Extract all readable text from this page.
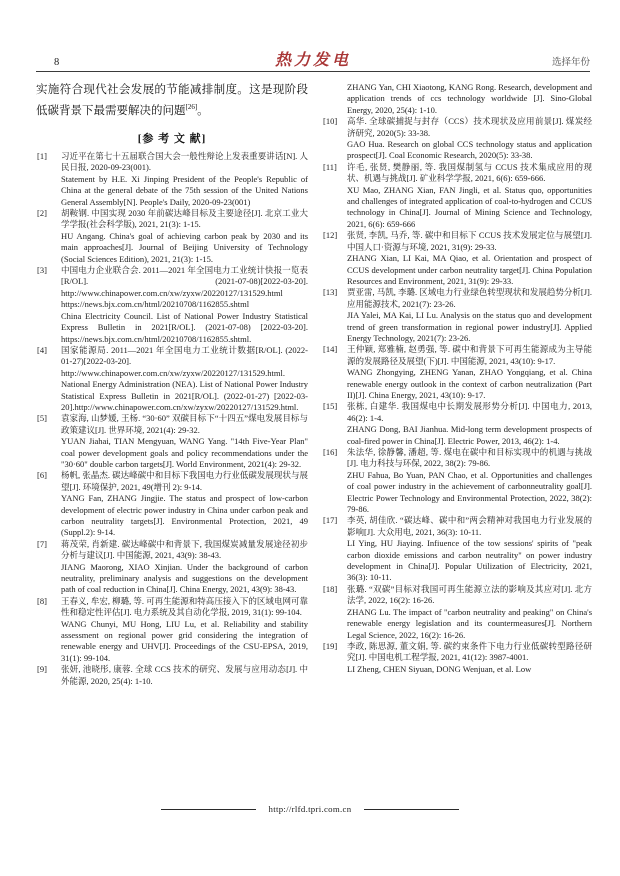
8	热力发电	选择年份
实施符合现代社会发展的节能减排制度。这是现阶段低碳背景下最需要解决的问题[26]。
[参 考 文 献]
[1]	习近平在第七十五届联合国大会一般性辩论上发表重要讲话[N]. 人民日报, 2020-09-23(001).
Statement by H.E. Xi Jinping President of the People's Republic of China at the general debate of the 75th session of the United Nations General Assembly[N]. People's Daily, 2020-09-23(001)
[2]	胡鞍钢. 中国实现 2030 年前碳达峰目标及主要途径[J]. 北京工业大学学报(社会科学版), 2021, 21(3): 1-15.
HU Angang. China's goal of achieving carbon peak by 2030 and its main approaches[J]. Journal of Beijing University of Technology (Social Sciences Edition), 2021, 21(3): 1-15.
[3]	中国电力企业联合会. 2011—2021 年全国电力工业统计快报一览表 [R/OL]. (2021-07-08)[2022-03-20]. http://www.chinapower.com.cn/xw/zyxw/20220127/131529.html
https://news.bjx.com.cn/html/20210708/1162855.shtml
China Electricity Council. List of National Power Industry Statistical Express Bulletin in 2021[R/OL]. (2021-07-08) [2022-03-20]. https://news.bjx.com.cn/html/20210708/1162855.shtml.
[4]	国家能源局. 2011—2021 年全国电力工业统计数据[R/OL]. (2022-01-27)[2022-03-20]. http://www.chinapower.com.cn/xw/zyxw/20220127/131529.html.
National Energy Administration (NEA). List of National Power Industry Statistical Express Bulletin in 2021[R/OL]. (2022-01-27) [2022-03-20].http://www.chinapower.com.cn/xw/zyxw/20220127/131529.html.
[5]	袁家海, 山梦媛, 王杨. “30·60” 双碳目标下“十四五”煤电发展目标与政策建议[J]. 世界环境, 2021(4): 29-32.
YUAN Jiahai, TIAN Mengyuan, WANG Yang. "14th Five-Year Plan" coal power development goals and policy recommendations under the "30·60" double carbon targets[J]. World Environment, 2021(4): 29-32.
[6]	杨帆, 张晶杰. 碳达峰碳中和目标下我国电力行业低碳发展现状与展望[J]. 环境保护, 2021, 49(增刊 2): 9-14.
YANG Fan, ZHANG Jingjie. The status and prospect of low-carbon development of electric power industry in China under carbon peak and carbon neutrality targets[J]. Environmental Protection, 2021, 49 (Suppl.2): 9-14.
[7]	蒋茂荣, 肖新建. 碳达峰碳中和背景下, 我国煤炭减量发展途径初步分析与建议[J]. 中国能源, 2021, 43(9): 38-43.
JIANG Maorong, XIAO Xinjian. Under the background of carbon neutrality, preliminary analysis and suggestions on the development path of coal reduction in China[J]. China Energy, 2021, 43(9): 38-43.
[8]	王春义, 牟宏, 柳璐, 等. 可再生能源和特高压接入下的区域电网可靠性和稳定性评估[J]. 电力系统及其自动化学报, 2019, 31(1): 99-104.
WANG Chunyi, MU Hong, LIU Lu, et al. Reliability and stability assessment on regional power grid considering the integration of renewable energy and UHV[J]. Proceedings of the CSU-EPSA, 2019, 31(1): 99-104.
[9]	张妍, 池晓彤, 康蓉. 全球 CCS 技术的研究、发展与应用动态[J]. 中外能源, 2020, 25(4): 1-10.
ZHANG Yan, CHI Xiaotong, KANG Rong. Research, development and application trends of ccs technology worldwide [J]. Sino-Global Energy, 2020, 25(4): 1-10.
[10]	高华. 全球碳捕捉与封存（CCS）技术现状及应用前景[J]. 煤炭经济研究, 2020(5): 33-38.
GAO Hua. Research on global CCS technology status and application prospect[J]. Coal Economic Research, 2020(5): 33-38.
[11]	许毛, 张贤, 樊静丽, 等. 我国煤制氢与 CCUS 技术集成应用的现状、机遇与挑战[J]. 矿业科学学报, 2021, 6(6): 659-666.
XU Mao, ZHANG Xian, FAN Jingli, et al. Status quo, opportunities and challenges of integrated application of coal-to-hydrogen and CCUS technology in China[J]. Journal of Mining Science and Technology, 2021, 6(6): 659-666
[12]	张贤, 李凯, 马乔, 等. 碳中和目标下 CCUS 技术发展定位与展望[J]. 中国人口·资源与环境, 2021, 31(9): 29-33.
ZHANG Xian, LI Kai, MA Qiao, et al. Orientation and prospect of CCUS development under carbon neutrality target[J]. China Population Resources and Environment, 2021, 31(9): 29-33.
[13]	贾亚雷, 马凯, 李璐. 区域电力行业绿色转型现状和发展趋势分析[J]. 应用能源技术, 2021(7): 23-26.
JIA Yalei, MA Kai, LI Lu. Analysis on the status quo and development trend of green transformation in regional power industry[J]. Applied Energy Technology, 2021(7): 23-26.
[14]	王仲颖, 郑雅楠, 赵勇强, 等. 碳中和背景下可再生能源成为主导能源的发展路径及展望(下)[J]. 中国能源, 2021, 43(10): 9-17.
WANG Zhongying, ZHENG Yanan, ZHAO Yongqiang, et al. China renewable energy outlook in the context of carbon neutralization (Part II)[J]. China Energy, 2021, 43(10): 9-17.
[15]	张栋, 白建华. 我国煤电中长期发展形势分析[J]. 中国电力, 2013, 46(2): 1-4.
ZHANG Dong, BAI Jianhua. Mid-long term development prospects of coal-fired power in China[J]. Electric Power, 2013, 46(2): 1-4.
[16]	朱法华, 徐静馨, 潘超, 等. 煤电在碳中和目标实现中的机遇与挑战[J]. 电力科技与环保, 2022, 38(2): 79-86.
ZHU Fahua, Bo Yuan, PAN Chao, et al. Opportunities and challenges of coal power industry in the achievement of carbonneutrality goal[J]. Electric Power Technology and Environmental Protection, 2022, 38(2): 79-86.
[17]	李英, 胡佳欣. “碳达峰、碳中和”两会精神对我国电力行业发展的影响[J]. 大众用电, 2021, 36(3): 10-11.
LI Ying, HU Jiaying. Infiuence of the tow sessions' spirits of "peak carbon dioxide emissions and carbon neutrality" on power industry development in China[J]. Popular Utilization of Electricity, 2021, 36(3): 10-11.
[18]	张璐. “双碳”目标对我国可再生能源立法的影响及其应对[J]. 北方法学, 2022, 16(2): 16-26.
ZHANG Lu. The impact of "carbon neutrality and peaking" on China's renewable energy legislation and its countermeasures[J]. Northern Legal Science, 2022, 16(2): 16-26.
[19]	李政, 陈思源, 董文娟, 等. 碳约束条件下电力行业低碳转型路径研究[J]. 中国电机工程学报, 2021, 41(12): 3987-4001.
LI Zheng, CHEN Siyuan, DONG Wenjuan, et al. Low
http://rlfd.tpri.com.cn
